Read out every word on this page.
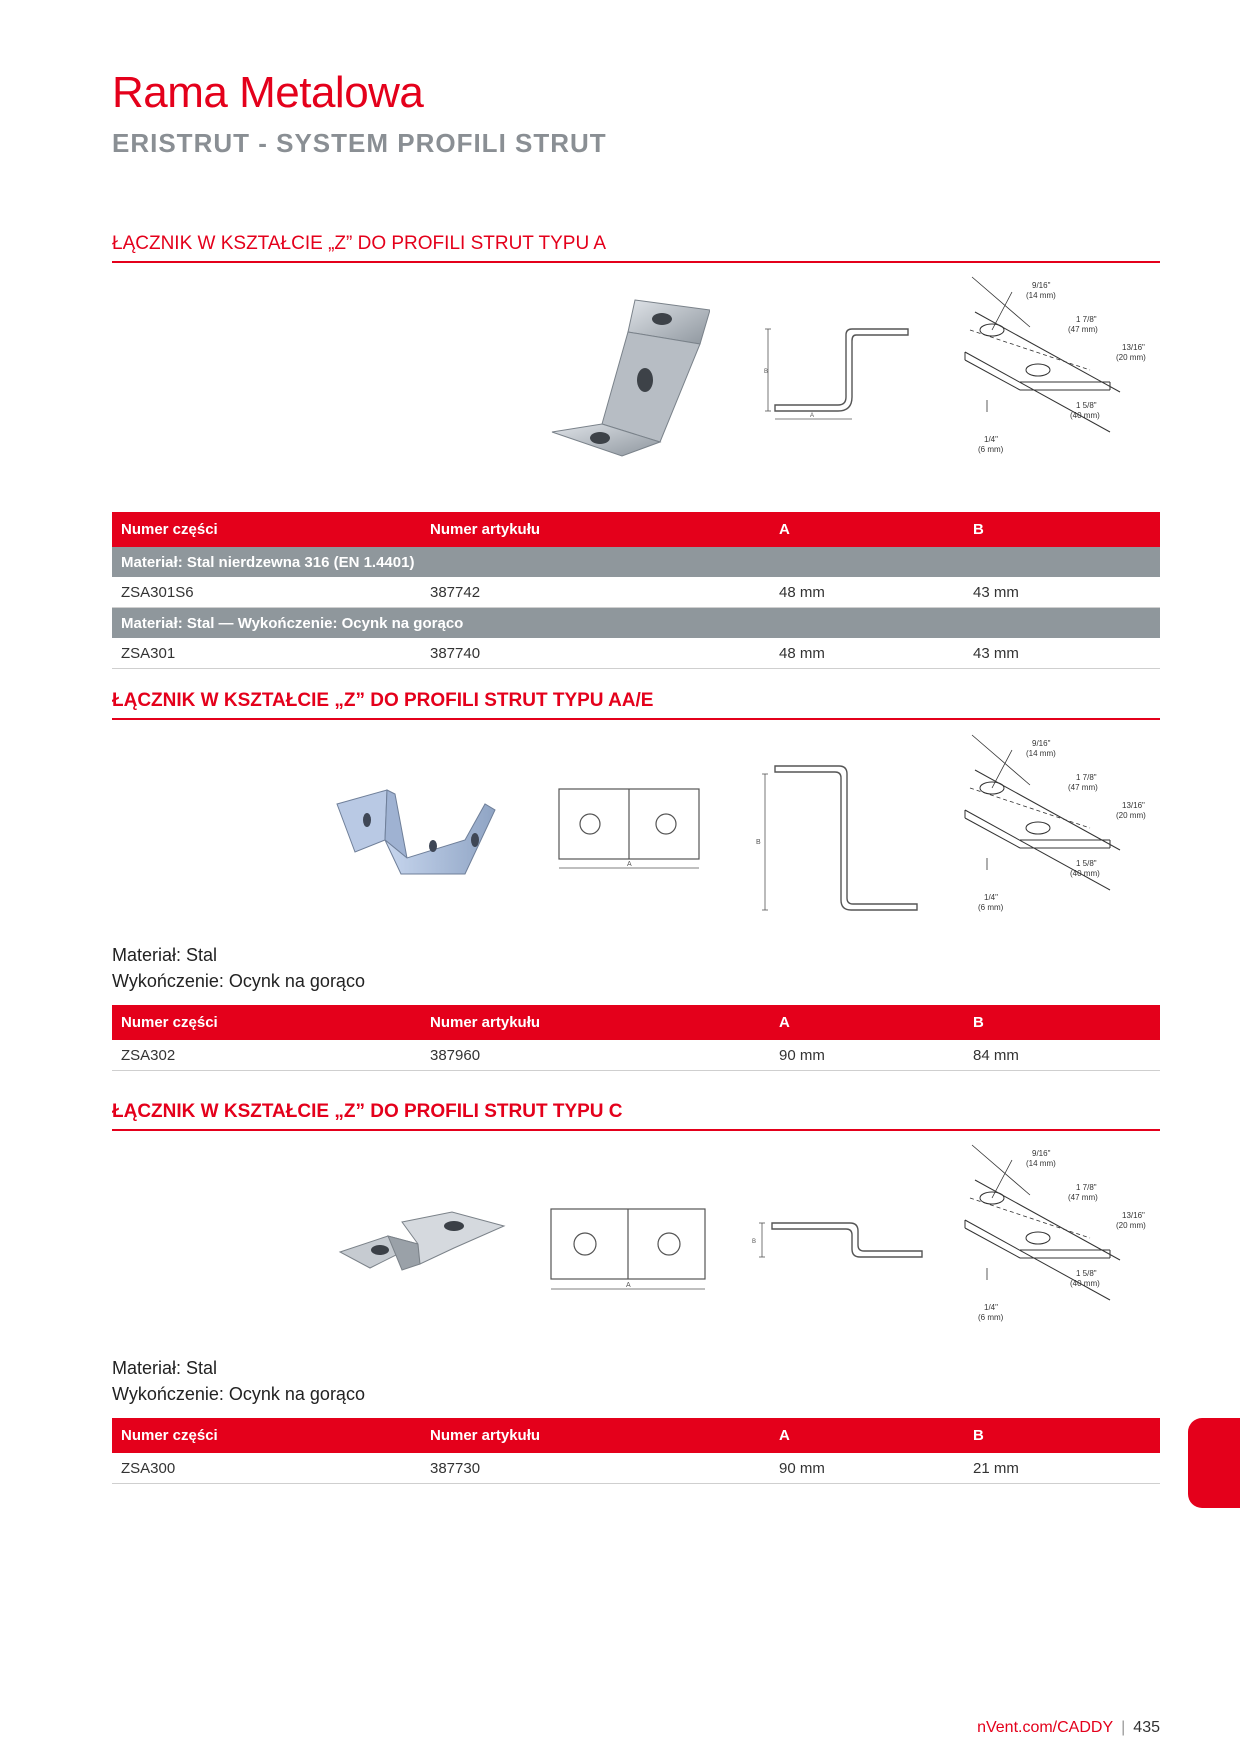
Rama Metalowa
ERISTRUT - SYSTEM PROFILI STRUT
ŁĄCZNIK W KSZTAŁCIE „Z” DO PROFILI STRUT TYPU A
B
A
9/16"
(14 mm)
1 7/8"
(47 mm)
13/16"
(20 mm)
1 5/8"
(40 mm)
1/4"
(6 mm)
Numer części	Numer artykułu	A	B
Materiał: Stal nierdzewna 316 (EN 1.4401)			
ZSA301S6	387742	48 mm	43 mm
Materiał: Stal — Wykończenie: Ocynk na gorąco			
ZSA301	387740	48 mm	43 mm
ŁĄCZNIK W KSZTAŁCIE „Z” DO PROFILI STRUT TYPU AA/E
A
B
9/16"
(14 mm)
1 7/8"
(47 mm)
13/16"
(20 mm)
1 5/8"
(40 mm)
1/4"
(6 mm)
Materiał: Stal
Wykończenie: Ocynk na gorąco
Numer części	Numer artykułu	A	B
ZSA302	387960	90 mm	84 mm
ŁĄCZNIK W KSZTAŁCIE „Z” DO PROFILI STRUT TYPU C
A
B
9/16"
(14 mm)
1 7/8"
(47 mm)
13/16"
(20 mm)
1 5/8"
(40 mm)
1/4"
(6 mm)
Materiał: Stal
Wykończenie: Ocynk na gorąco
Numer części	Numer artykułu	A	B
ZSA300	387730	90 mm	21 mm
nVent.com/CADDY | 435
